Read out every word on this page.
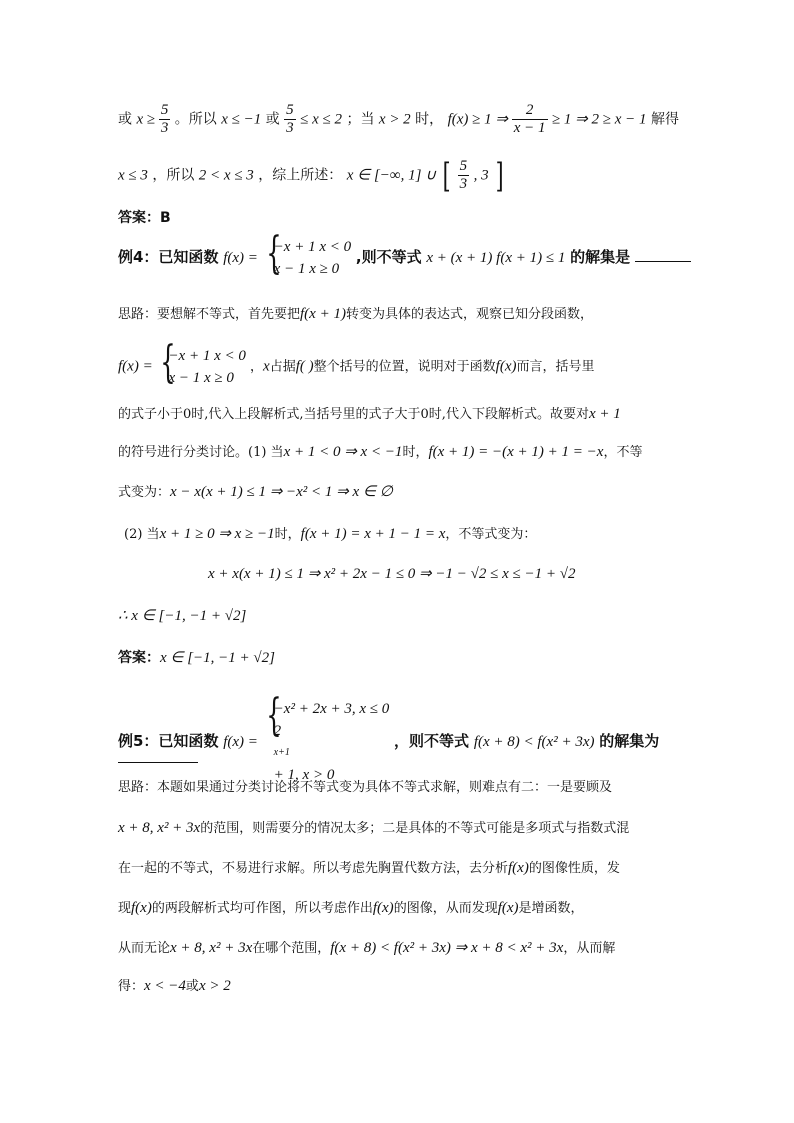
或 $x \ge \frac{5}{3}$ 。所以 x ≤ −1 或 $\frac{5}{3} \le x \le 2$ ；当 x > 2 时， f(x) ≥ 1 ⇒ $\frac{2}{x - 1} \ge 1$ ⇒ 2 ≥ x − 1 解得
x ≤ 3 ，所以 2 < x ≤ 3 ，综上所述： x ∈ [−∞, 1] ∪ [ $\frac{5}{3}$ , 3 ]
答案：B
例4：已知函数 f(x) =
{ −x + 1 x < 0
x − 1 x ≥ 0
,则不等式 x + (x + 1) f(x + 1) ≤ 1 的解集是
思路：要想解不等式，首先要把f(x + 1)转变为具体的表达式，观察已知分段函数，
f(x) =
{ −x + 1 x < 0
x − 1 x ≥ 0
，x占据f( )整个括号的位置，说明对于函数f(x)而言，括号里
的式子小于0时,代入上段解析式,当括号里的式子大于0时,代入下段解析式。故要对x + 1
的符号进行分类讨论。(1) 当x + 1 < 0 ⇒ x < −1时，f(x + 1) = −(x + 1) + 1 = −x，不等
式变为：x − x(x + 1) ≤ 1 ⇒ −x² < 1 ⇒ x ∈ ∅
(2) 当x + 1 ≥ 0 ⇒ x ≥ −1时，f(x + 1) = x + 1 − 1 = x，不等式变为：
x + x(x + 1) ≤ 1 ⇒ x² + 2x − 1 ≤ 0 ⇒ −1 − √2 ≤ x ≤ −1 + √2
∴ x ∈ [−1, −1 + √2]
答案：x ∈ [−1, −1 + √2]
例5：已知函数 f(x) =
{ −x² + 2x + 3, x ≤ 0
2
x+1
+ 1, x > 0
，则不等式 f(x + 8) < f(x² + 3x) 的解集为
思路：本题如果通过分类讨论将不等式变为具体不等式求解，则难点有二：一是要顾及
x + 8, x² + 3x的范围，则需要分的情况太多；二是具体的不等式可能是多项式与指数式混
在一起的不等式，不易进行求解。所以考虑先胸置代数方法，去分析f(x)的图像性质，发
现f(x)的两段解析式均可作图，所以考虑作出f(x)的图像，从而发现f(x)是增函数，
从而无论x + 8, x² + 3x在哪个范围，f(x + 8) < f(x² + 3x) ⇒ x + 8 < x² + 3x，从而解
得：x < −4或x > 2
